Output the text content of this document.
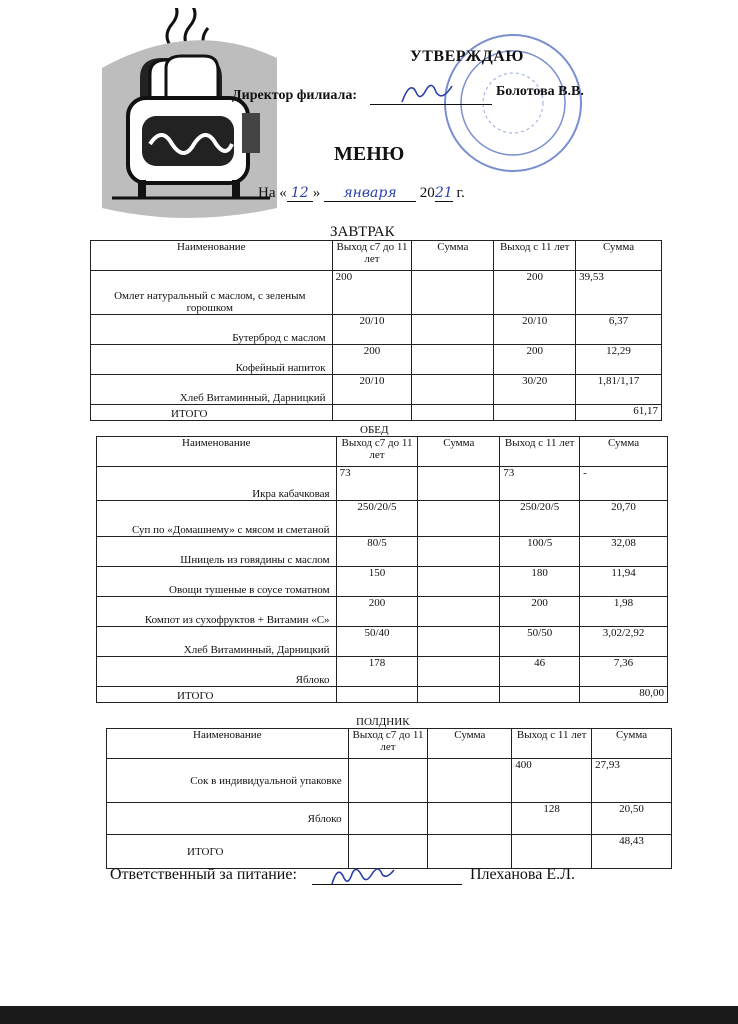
УТВЕРЖДАЮ
Директор филиала:	Болотова В.В.
МЕНЮ
На « 12 » января 2021 г.
ЗАВТРАК
Наименование	Выход с7 до 11 лет	Сумма	Выход с 11 лет	Сумма
Омлет натуральный с маслом, с зеленым горошком	200		200	39,53
Бутерброд с маслом	20/10		20/10	6,37
Кофейный напиток	200		200	12,29
Хлеб Витаминный, Дарницкий	20/10		30/20	1,81/1,17
ИТОГО				61,17
ОБЕД
Наименование	Выход с7 до 11 лет	Сумма	Выход с 11 лет	Сумма
Икра кабачковая	73		73	-
Суп по «Домашнему» с мясом и сметаной	250/20/5		250/20/5	20,70
Шницель из говядины с маслом	80/5		100/5	32,08
Овощи тушеные в соусе томатном	150		180	11,94
Компот из сухофруктов + Витамин «С»	200		200	1,98
Хлеб Витаминный, Дарницкий	50/40		50/50	3,02/2,92
Яблоко	178		46	7,36
ИТОГО				80,00
ПОЛДНИК
Наименование	Выход с7 до 11 лет	Сумма	Выход с 11 лет	Сумма
Сок в индивидуальной упаковке			400	27,93
Яблоко			128	20,50
ИТОГО				48,43
Ответственный за питание:	Плеханова Е.Л.
